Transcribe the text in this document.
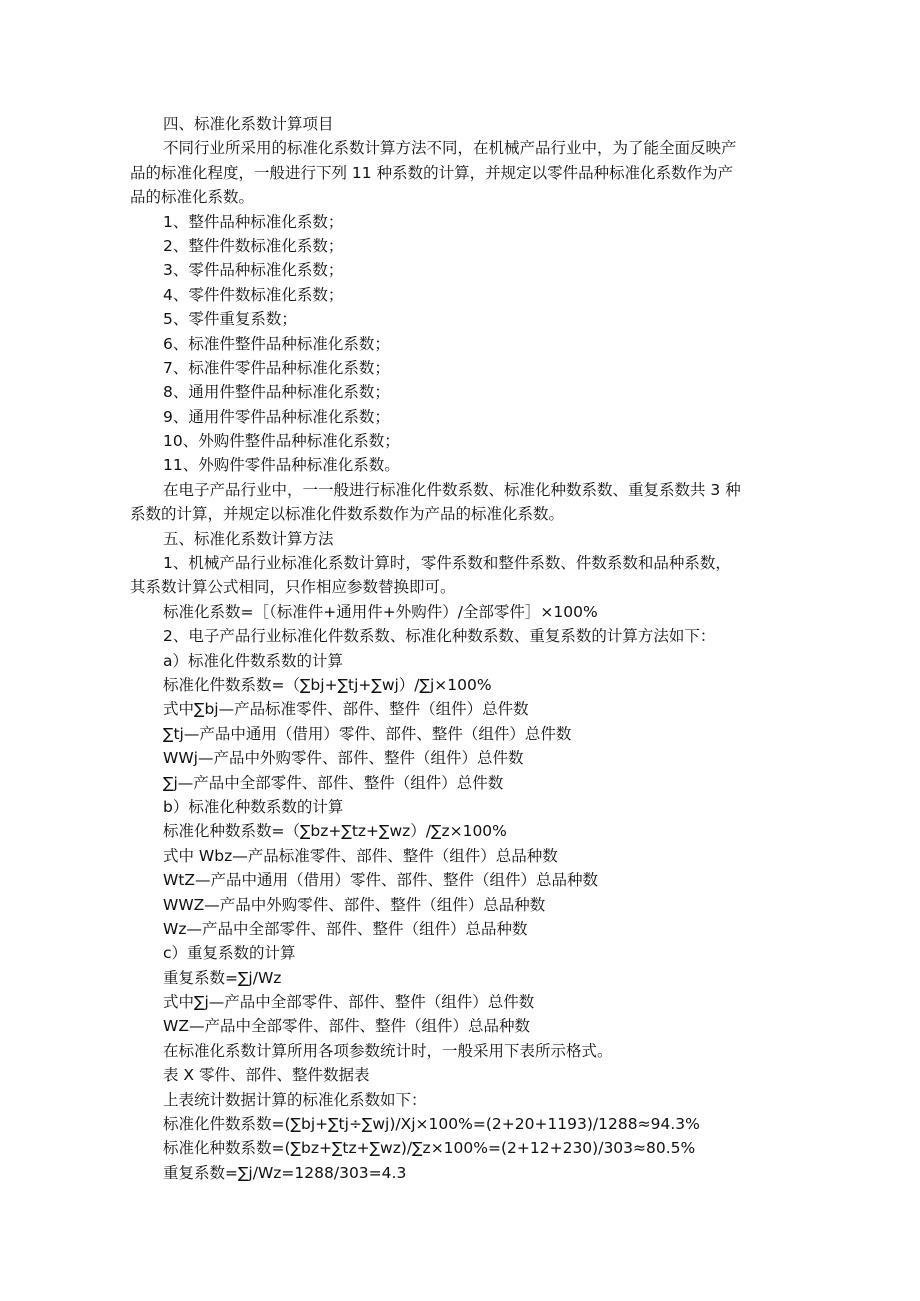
四、标准化系数计算项目

不同行业所采用的标准化系数计算方法不同，在机械产品行业中，为了能全面反映产

品的标准化程度，一般进行下列 11 种系数的计算，并规定以零件品种标准化系数作为产

品的标准化系数。

1、整件品种标准化系数；

2、整件件数标准化系数；

3、零件品种标准化系数；

4、零件件数标准化系数；

5、零件重复系数；

6、标准件整件品种标准化系数；

7、标准件零件品种标准化系数；

8、通用件整件品种标准化系数；

9、通用件零件品种标准化系数；

10、外购件整件品种标准化系数；

11、外购件零件品种标准化系数。

在电子产品行业中，一一般进行标准化件数系数、标准化种数系数、重复系数共 3 种

系数的计算，并规定以标准化件数系数作为产品的标准化系数。

五、标准化系数计算方法

1、机械产品行业标准化系数计算时，零件系数和整件系数、件数系数和品种系数，

其系数计算公式相同，只作相应参数替换即可。

标准化系数=［（标准件+通用件+外购件）/全部零件］×100%

2、电子产品行业标准化件数系数、标准化种数系数、重复系数的计算方法如下：

a）标准化件数系数的计算

标准化件数系数=（∑bj+∑tj+∑wj）∕∑j×100%

式中∑bj—产品标准零件、部件、整件（组件）总件数

∑tj—产品中通用（借用）零件、部件、整件（组件）总件数

WWj—产品中外购零件、部件、整件（组件）总件数

∑j—产品中全部零件、部件、整件（组件）总件数

b）标准化种数系数的计算

标准化种数系数=（∑bz+∑tz+∑wz）∕∑z×100%

式中 Wbz—产品标准零件、部件、整件（组件）总品种数

WtZ—产品中通用（借用）零件、部件、整件（组件）总品种数

WWZ—产品中外购零件、部件、整件（组件）总品种数

Wz—产品中全部零件、部件、整件（组件）总品种数

c）重复系数的计算

重复系数=∑j∕Wz

式中∑j—产品中全部零件、部件、整件（组件）总件数

WZ—产品中全部零件、部件、整件（组件）总品种数

在标准化系数计算所用各项参数统计时，一般采用下表所示格式。

表 X 零件、部件、整件数据表

上表统计数据计算的标准化系数如下：

标准化件数系数=(∑bj+∑tj÷∑wj)/Xj×100%=(2+20+1193)∕1288≈94.3%

标准化种数系数=(∑bz+∑tz+∑wz)∕∑z×100%=(2+12+230)∕303≈80.5%

重复系数=∑j∕Wz=1288∕303=4.3
